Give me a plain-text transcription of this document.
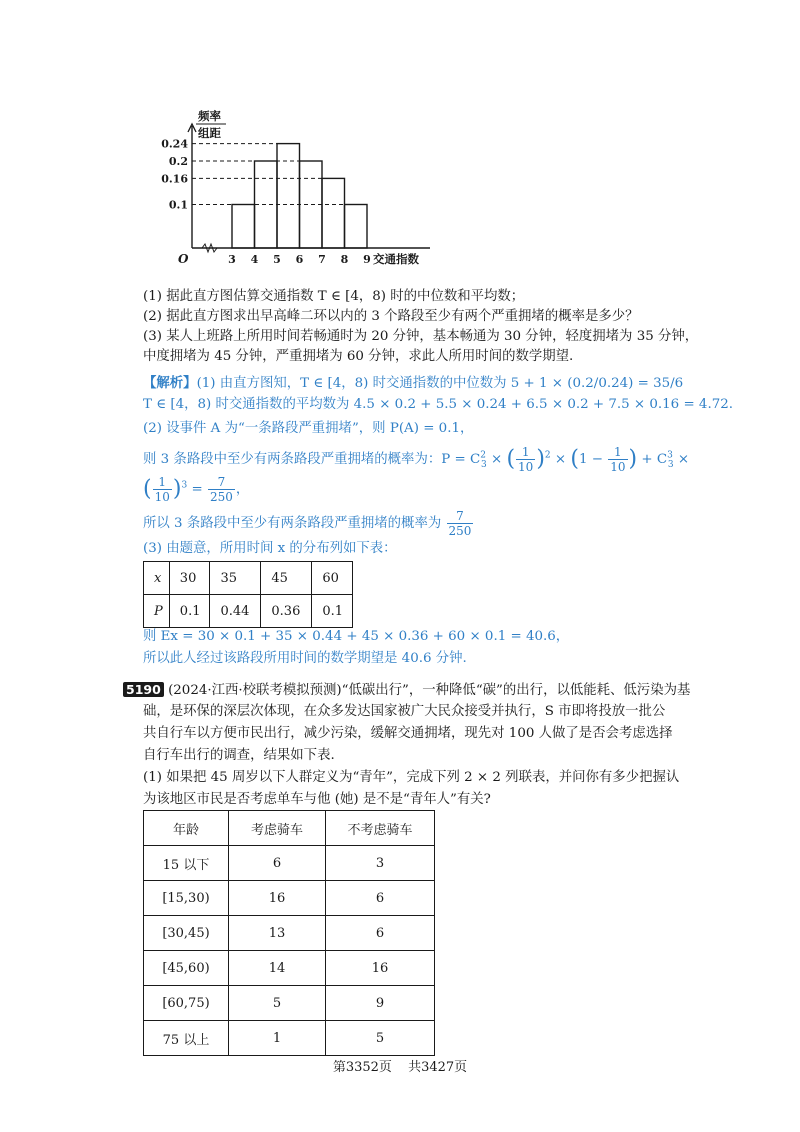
0.24
0.2
0.16
0.1
3 4 5 6 7 8 9 交通指数
O
频率
组距
(1) 据此直方图估算交通指数 T ∈ [4，8) 时的中位数和平均数；
(2) 据此直方图求出早高峰二环以内的 3 个路段至少有两个严重拥堵的概率是多少？
(3) 某人上班路上所用时间若畅通时为 20 分钟，基本畅通为 30 分钟，轻度拥堵为 35 分钟，
中度拥堵为 45 分钟，严重拥堵为 60 分钟，求此人所用时间的数学期望.
【解析】(1) 由直方图知，T ∈ [4，8) 时交通指数的中位数为 5 + 1 × (0.2/0.24) = 35/6
T ∈ [4，8) 时交通指数的平均数为 4.5 × 0.2 + 5.5 × 0.24 + 6.5 × 0.2 + 7.5 × 0.16 = 4.72.
(2) 设事件 A 为“一条路段严重拥堵”，则 P(A) = 0.1，
则 3 条路段中至少有两条路段严重拥堵的概率为：$P = C^2_3$ × ( $\frac{1}{10} )^2 \times (1 - \frac{1}{10}$ ) + $C^3_3$ ×
( $\frac{1}{10} )^3 = \frac{7}{250}$ ，
所以 3 条路段中至少有两条路段严重拥堵的概率为 $\frac{7}{250}$
(3) 由题意，所用时间 x 的分布列如下表：
x	30	35	45	60
P	0.1	0.44	0.36	0.1
则 Ex = 30 × 0.1 + 35 × 0.44 + 45 × 0.36 + 60 × 0.1 = 40.6，
所以此人经过该路段所用时间的数学期望是 40.6 分钟.
5190 (2024·江西·校联考模拟预测)“低碳出行”，一种降低“碳”的出行，以低能耗、低污染为基
础，是环保的深层次体现，在众多发达国家被广大民众接受并执行，S 市即将投放一批公
共自行车以方便市民出行，减少污染，缓解交通拥堵，现先对 100 人做了是否会考虑选择
自行车出行的调查，结果如下表.
(1) 如果把 45 周岁以下人群定义为“青年”，完成下列 2 × 2 列联表，并问你有多少把握认
为该地区市民是否考虑单车与他 (她) 是不是“青年人”有关?
年龄	考虑骑车	不考虑骑车
15 以下	6	3
[15,30)	16	6
[30,45)	13	6
[45,60)	14	16
[60,75)	5	9
75 以上	1	5
第3352页 共3427页
